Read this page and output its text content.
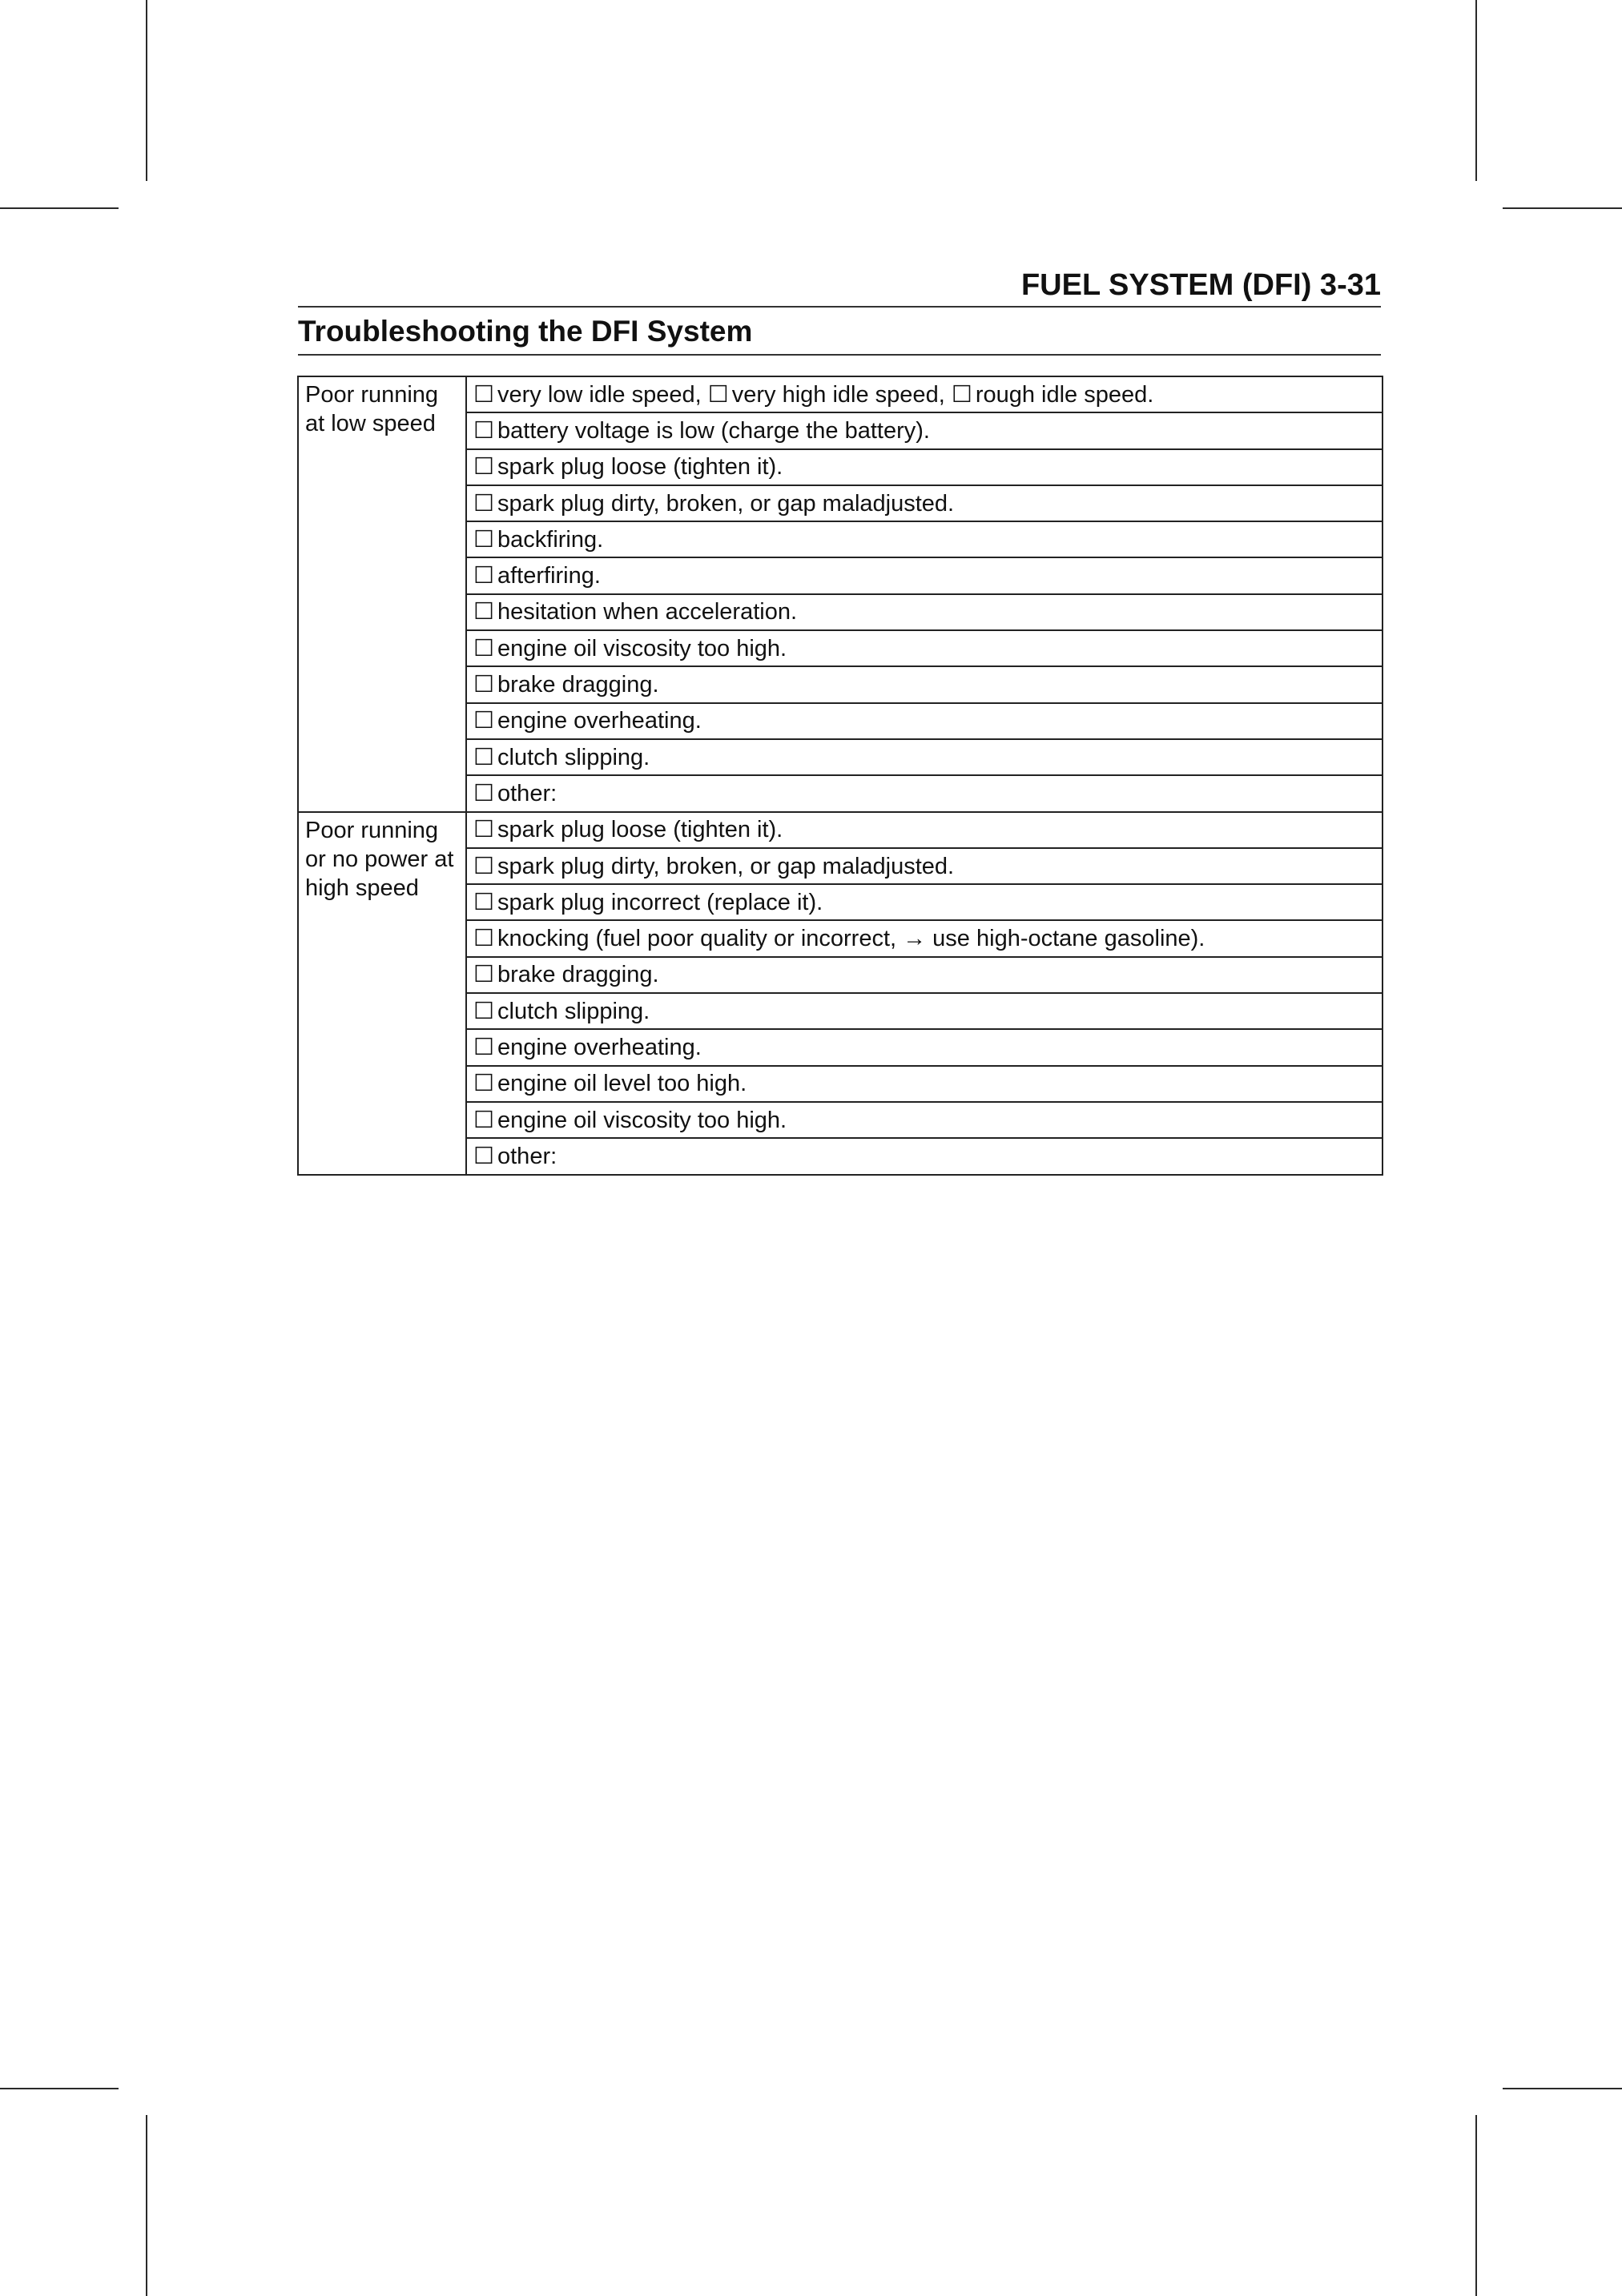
FUEL SYSTEM (DFI) 3-31
Troubleshooting the DFI System
Poor running at low speed	☐ very low idle speed, ☐ very high idle speed, ☐ rough idle speed.
	☐ battery voltage is low (charge the battery).
	☐ spark plug loose (tighten it).
	☐ spark plug dirty, broken, or gap maladjusted.
	☐ backfiring.
	☐ afterfiring.
	☐ hesitation when acceleration.
	☐ engine oil viscosity too high.
	☐ brake dragging.
	☐ engine overheating.
	☐ clutch slipping.
	☐ other:
Poor running or no power at high speed	☐ spark plug loose (tighten it).
	☐ spark plug dirty, broken, or gap maladjusted.
	☐ spark plug incorrect (replace it).
	☐ knocking (fuel poor quality or incorrect, → use high-octane gasoline).
	☐ brake dragging.
	☐ clutch slipping.
	☐ engine overheating.
	☐ engine oil level too high.
	☐ engine oil viscosity too high.
	☐ other:
